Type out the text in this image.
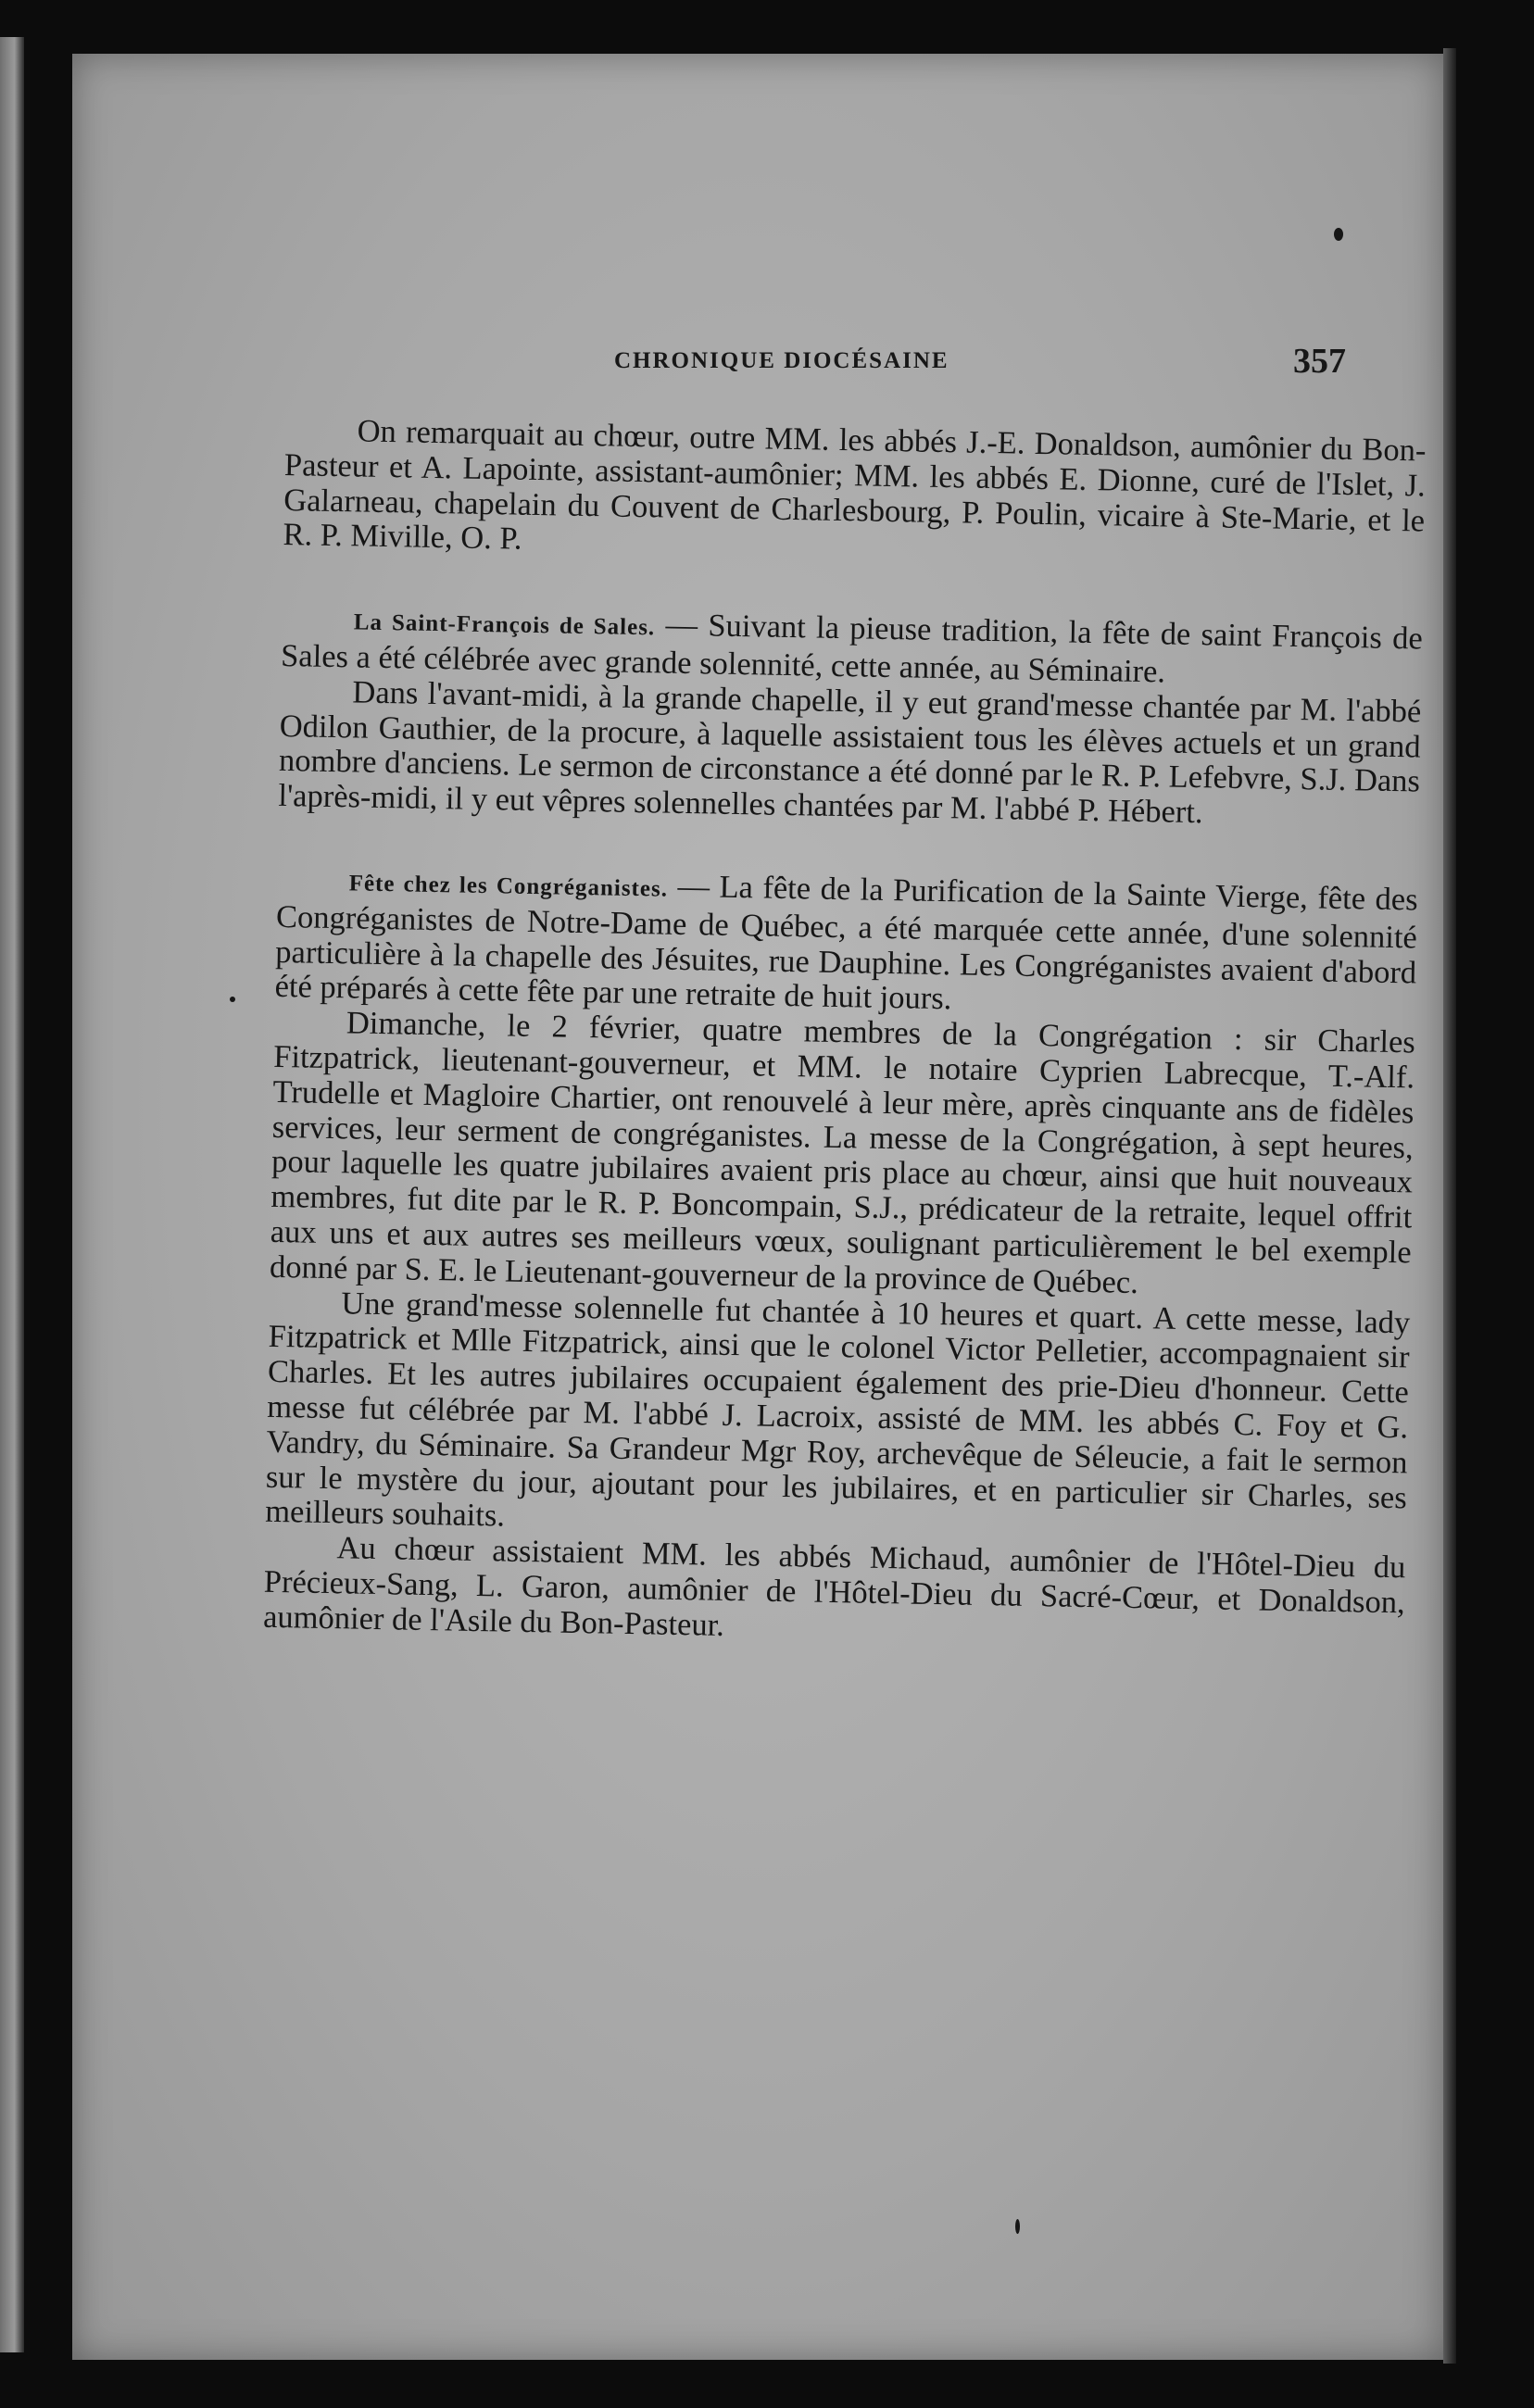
CHRONIQUE DIOCÉSAINE	357

On remarquait au chœur, outre MM. les abbés J.-E. Donaldson, aumônier du Bon-Pasteur et A. Lapointe, assistant-aumônier; MM. les abbés E. Dionne, curé de l'Islet, J. Galarneau, chapelain du Couvent de Charlesbourg, P. Poulin, vicaire à Ste-Marie, et le R. P. Miville, O. P.

La Saint-François de Sales. — Suivant la pieuse tradition, la fête de saint François de Sales a été célébrée avec grande solennité, cette année, au Séminaire.

Dans l'avant-midi, à la grande chapelle, il y eut grand'messe chantée par M. l'abbé Odilon Gauthier, de la procure, à laquelle assistaient tous les élèves actuels et un grand nombre d'anciens. Le sermon de circonstance a été donné par le R. P. Lefebvre, S.J. Dans l'après-midi, il y eut vêpres solennelles chantées par M. l'abbé P. Hébert.

Fête chez les Congréganistes. — La fête de la Purification de la Sainte Vierge, fête des Congréganistes de Notre-Dame de Québec, a été marquée cette année, d'une solennité particulière à la chapelle des Jésuites, rue Dauphine. Les Congréganistes avaient d'abord été préparés à cette fête par une retraite de huit jours.

Dimanche, le 2 février, quatre membres de la Congrégation : sir Charles Fitzpatrick, lieutenant-gouverneur, et MM. le notaire Cyprien Labrecque, T.-Alf. Trudelle et Magloire Chartier, ont renouvelé à leur mère, après cinquante ans de fidèles services, leur serment de congréganistes. La messe de la Congrégation, à sept heures, pour laquelle les quatre jubilaires avaient pris place au chœur, ainsi que huit nouveaux membres, fut dite par le R. P. Boncompain, S.J., prédicateur de la retraite, lequel offrit aux uns et aux autres ses meilleurs vœux, soulignant particulièrement le bel exemple donné par S. E. le Lieutenant-gouverneur de la province de Québec.

Une grand'messe solennelle fut chantée à 10 heures et quart. A cette messe, lady Fitzpatrick et Mlle Fitzpatrick, ainsi que le colonel Victor Pelletier, accompagnaient sir Charles. Et les autres jubilaires occupaient également des prie-Dieu d'honneur. Cette messe fut célébrée par M. l'abbé J. Lacroix, assisté de MM. les abbés C. Foy et G. Vandry, du Séminaire. Sa Grandeur Mgr Roy, archevêque de Séleucie, a fait le sermon sur le mystère du jour, ajoutant pour les jubilaires, et en particulier sir Charles, ses meilleurs souhaits.

Au chœur assistaient MM. les abbés Michaud, aumônier de l'Hôtel-Dieu du Précieux-Sang, L. Garon, aumônier de l'Hôtel-Dieu du Sacré-Cœur, et Donaldson, aumônier de l'Asile du Bon-Pasteur.
